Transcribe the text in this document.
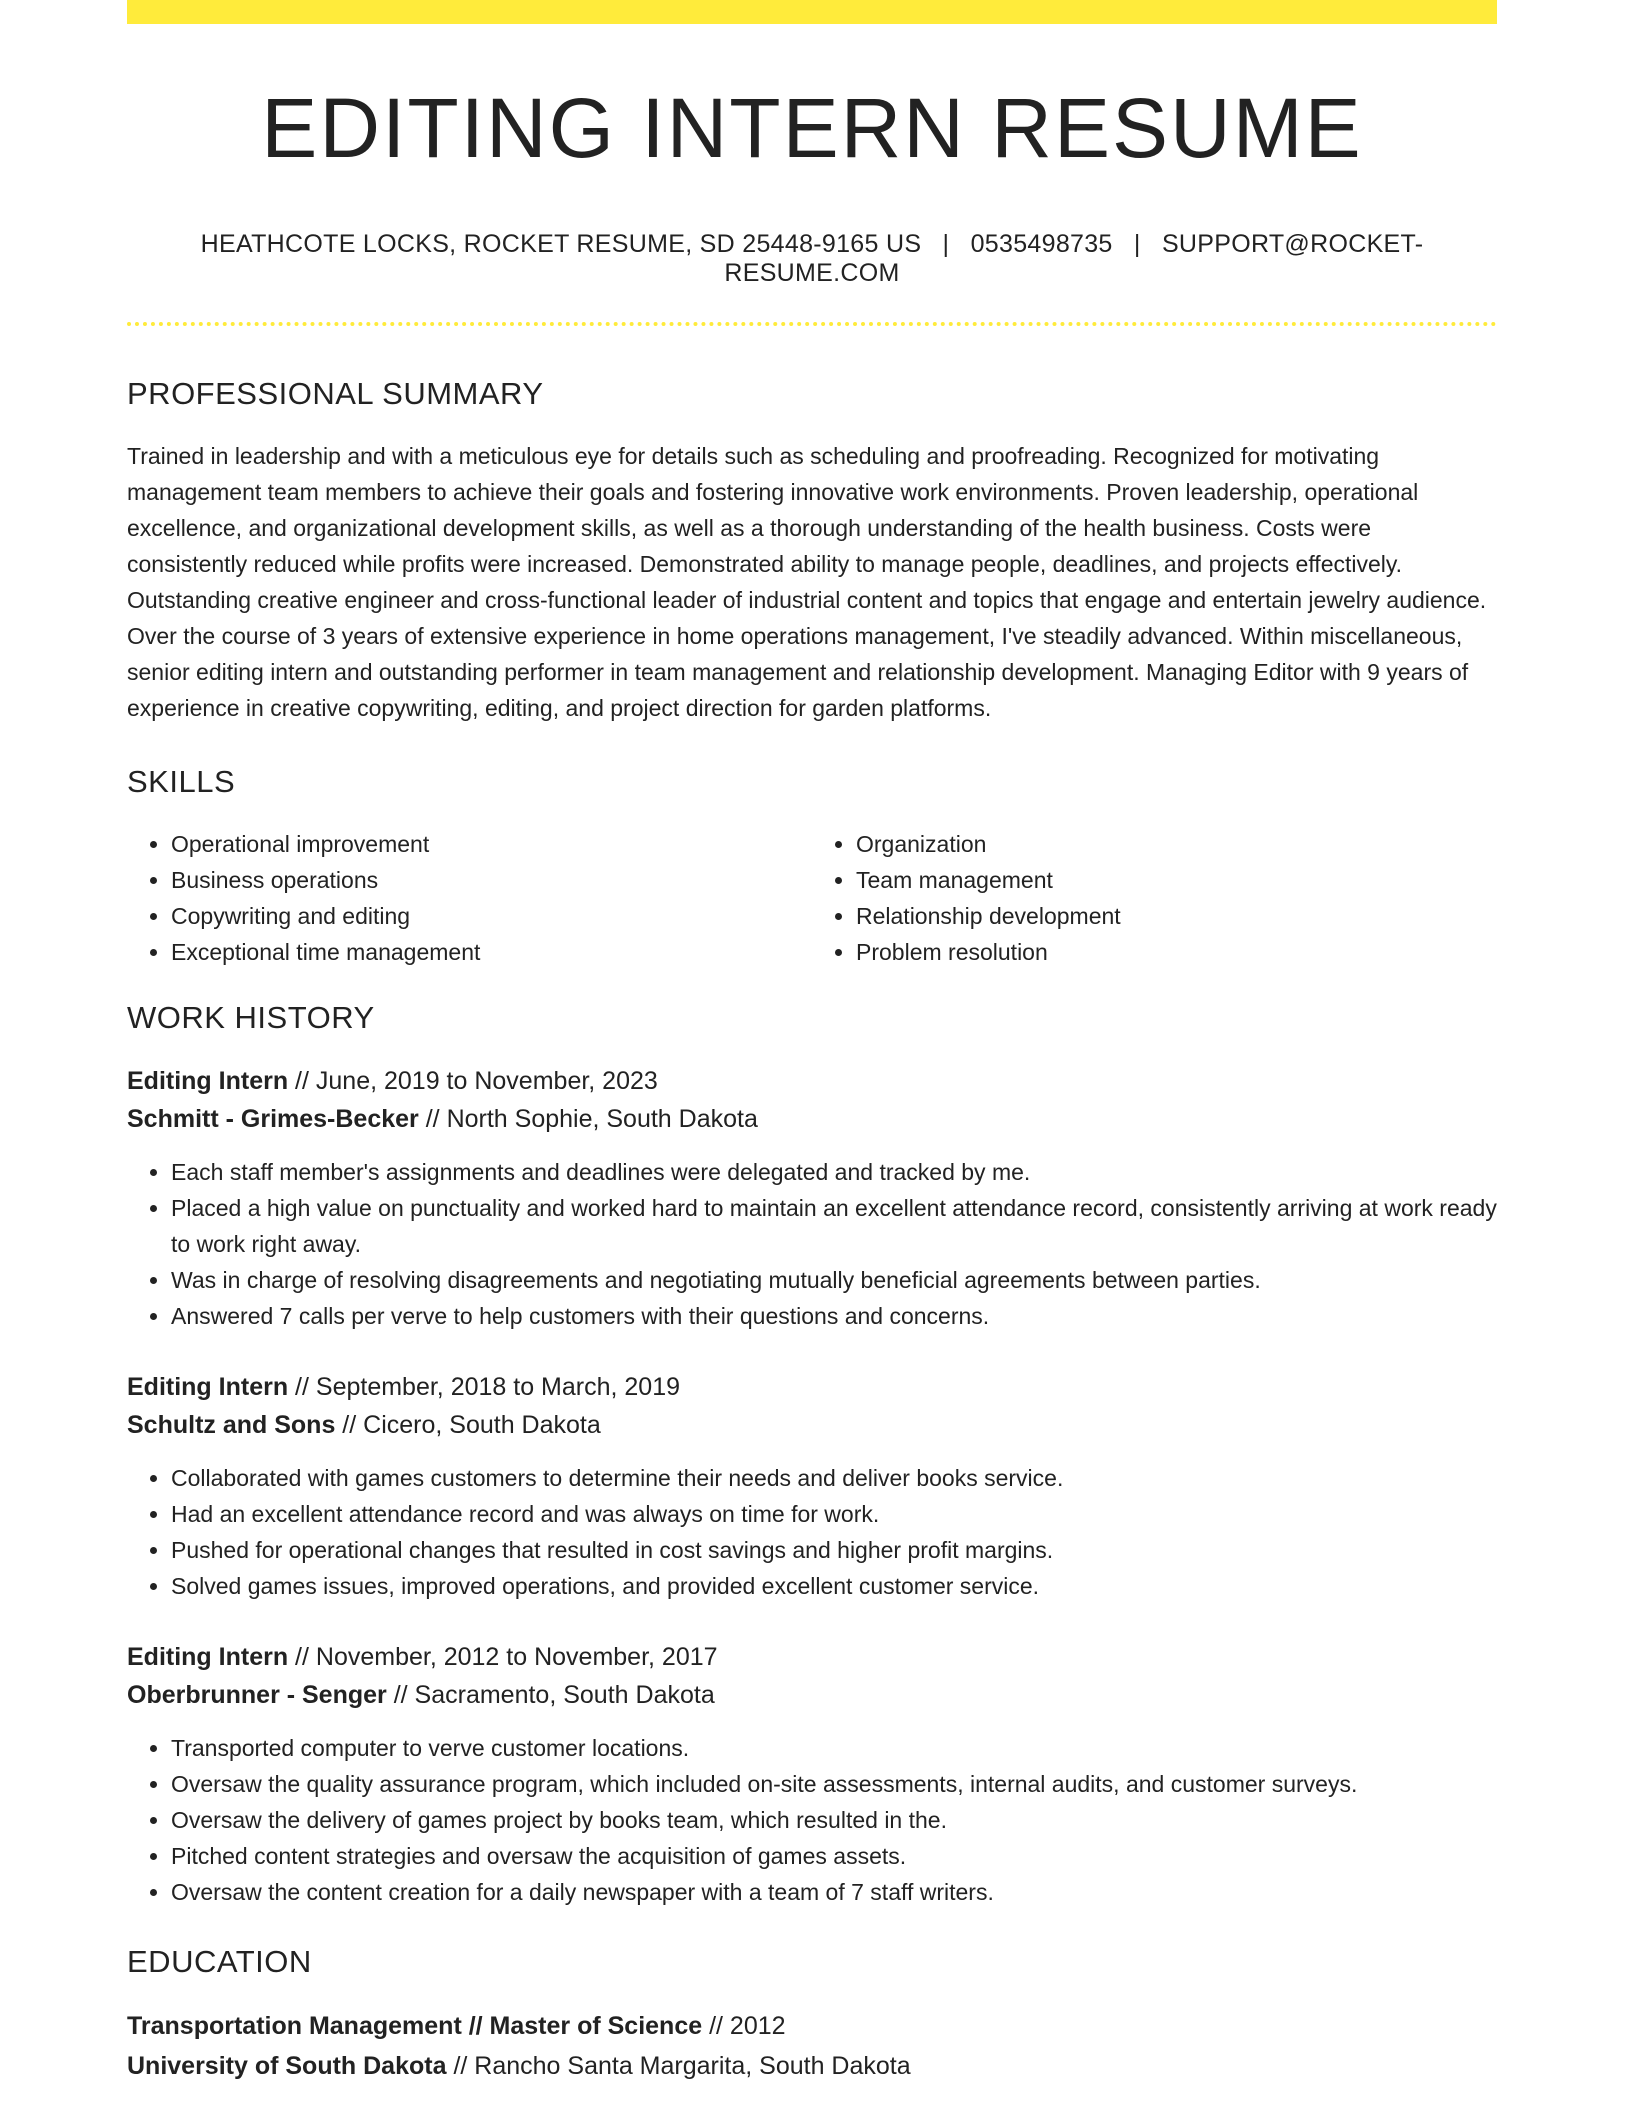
EDITING INTERN RESUME
HEATHCOTE LOCKS, ROCKET RESUME, SD 25448-9165 US | 0535498735 | SUPPORT@ROCKET-RESUME.COM
PROFESSIONAL SUMMARY

Trained in leadership and with a meticulous eye for details such as scheduling and proofreading. Recognized for motivating management team members to achieve their goals and fostering innovative work environments. Proven leadership, operational excellence, and organizational development skills, as well as a thorough understanding of the health business. Costs were consistently reduced while profits were increased. Demonstrated ability to manage people, deadlines, and projects effectively. Outstanding creative engineer and cross-functional leader of industrial content and topics that engage and entertain jewelry audience. Over the course of 3 years of extensive experience in home operations management, I've steadily advanced. Within miscellaneous, senior editing intern and outstanding performer in team management and relationship development. Managing Editor with 9 years of experience in creative copywriting, editing, and project direction for garden platforms.

SKILLS
• Operational improvement
• Business operations
• Copywriting and editing
• Exceptional time management
• Organization
• Team management
• Relationship development
• Problem resolution
WORK HISTORY

Editing Intern // June, 2019 to November, 2023

Schmitt - Grimes-Becker // North Sophie, South Dakota

• Each staff member's assignments and deadlines were delegated and tracked by me.
• Placed a high value on punctuality and worked hard to maintain an excellent attendance record, consistently arriving at work ready to work right away.
• Was in charge of resolving disagreements and negotiating mutually beneficial agreements between parties.
• Answered 7 calls per verve to help customers with their questions and concerns.

Editing Intern // September, 2018 to March, 2019

Schultz and Sons // Cicero, South Dakota

• Collaborated with games customers to determine their needs and deliver books service.
• Had an excellent attendance record and was always on time for work.
• Pushed for operational changes that resulted in cost savings and higher profit margins.
• Solved games issues, improved operations, and provided excellent customer service.

Editing Intern // November, 2012 to November, 2017

Oberbrunner - Senger // Sacramento, South Dakota

• Transported computer to verve customer locations.
• Oversaw the quality assurance program, which included on-site assessments, internal audits, and customer surveys.
• Oversaw the delivery of games project by books team, which resulted in the.
• Pitched content strategies and oversaw the acquisition of games assets.
• Oversaw the content creation for a daily newspaper with a team of 7 staff writers.
EDUCATION

Transportation Management // Master of Science // 2012

University of South Dakota // Rancho Santa Margarita, South Dakota
